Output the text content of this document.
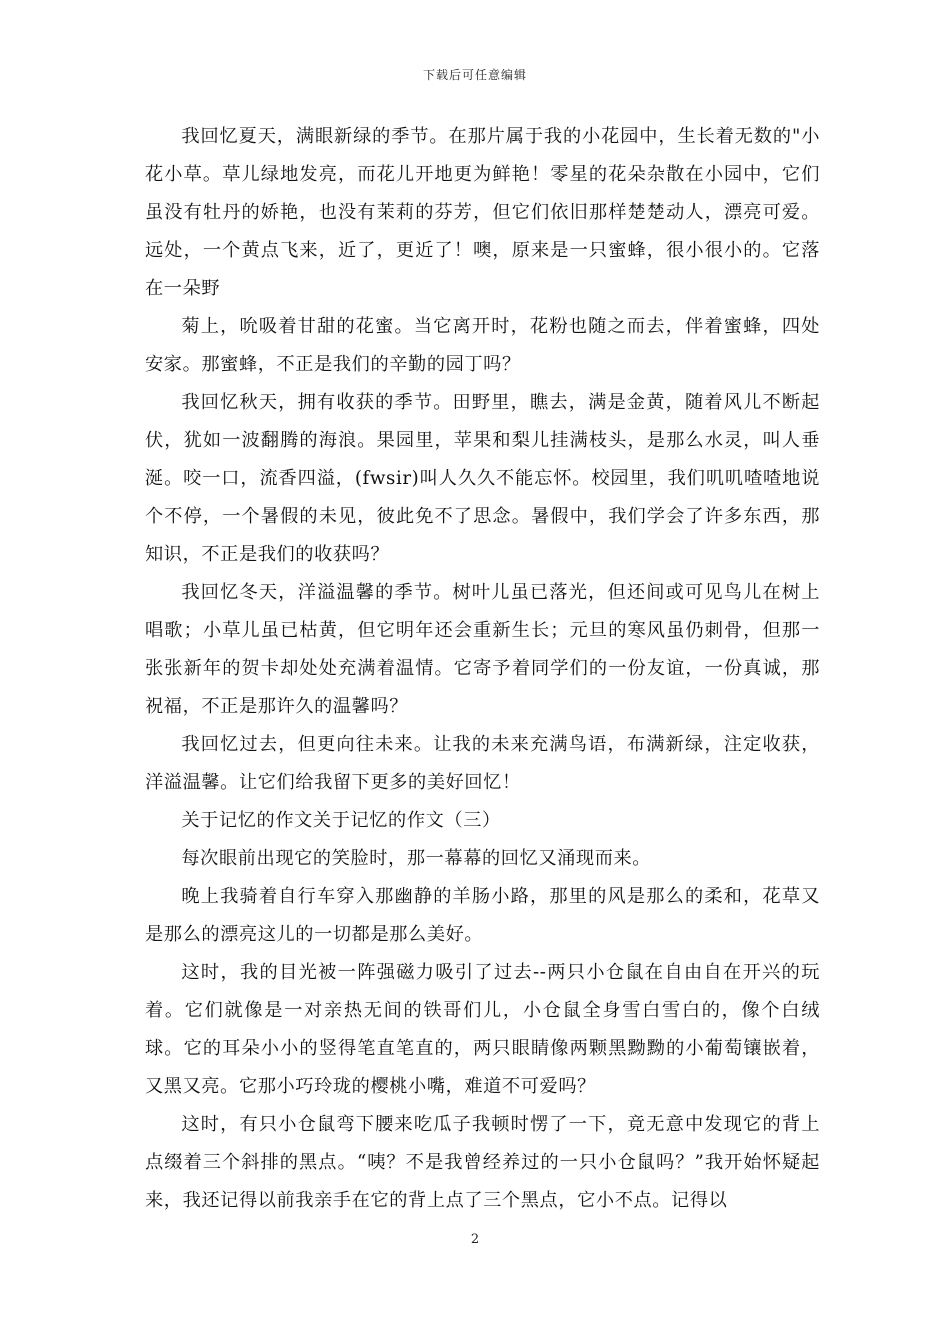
下载后可任意编辑

我回忆夏天，满眼新绿的季节。在那片属于我的小花园中，生长着无数的"小花小草。草儿绿地发亮，而花儿开地更为鲜艳！零星的花朵杂散在小园中，它们虽没有牡丹的娇艳，也没有茉莉的芬芳，但它们依旧那样楚楚动人，漂亮可爱。远处，一个黄点飞来，近了，更近了！噢，原来是一只蜜蜂，很小很小的。它落在一朵野

菊上，吮吸着甘甜的花蜜。当它离开时，花粉也随之而去，伴着蜜蜂，四处安家。那蜜蜂，不正是我们的辛勤的园丁吗？

我回忆秋天，拥有收获的季节。田野里，瞧去，满是金黄，随着风儿不断起伏，犹如一波翻腾的海浪。果园里，苹果和梨儿挂满枝头，是那么水灵，叫人垂涎。咬一口，流香四溢，(fwsir)叫人久久不能忘怀。校园里，我们叽叽喳喳地说个不停，一个暑假的未见，彼此免不了思念。暑假中，我们学会了许多东西，那知识，不正是我们的收获吗？

我回忆冬天，洋溢温馨的季节。树叶儿虽已落光，但还间或可见鸟儿在树上唱歌；小草儿虽已枯黄，但它明年还会重新生长；元旦的寒风虽仍刺骨，但那一张张新年的贺卡却处处充满着温情。它寄予着同学们的一份友谊，一份真诚，那祝福，不正是那许久的温馨吗？

我回忆过去，但更向往未来。让我的未来充满鸟语，布满新绿，注定收获，洋溢温馨。让它们给我留下更多的美好回忆！

关于记忆的作文关于记忆的作文（三）

每次眼前出现它的笑脸时，那一幕幕的回忆又涌现而来。

晚上我骑着自行车穿入那幽静的羊肠小路，那里的风是那么的柔和，花草又是那么的漂亮这儿的一切都是那么美好。

这时，我的目光被一阵强磁力吸引了过去--两只小仓鼠在自由自在开兴的玩着。它们就像是一对亲热无间的铁哥们儿，小仓鼠全身雪白雪白的，像个白绒球。它的耳朵小小的竖得笔直笔直的，两只眼睛像两颗黑黝黝的小葡萄镶嵌着，又黑又亮。它那小巧玲珑的樱桃小嘴，难道不可爱吗？

这时，有只小仓鼠弯下腰来吃瓜子我顿时愣了一下，竟无意中发现它的背上点缀着三个斜排的黑点。“咦？不是我曾经养过的一只小仓鼠吗？”我开始怀疑起来，我还记得以前我亲手在它的背上点了三个黑点，它小不点。记得以

2
